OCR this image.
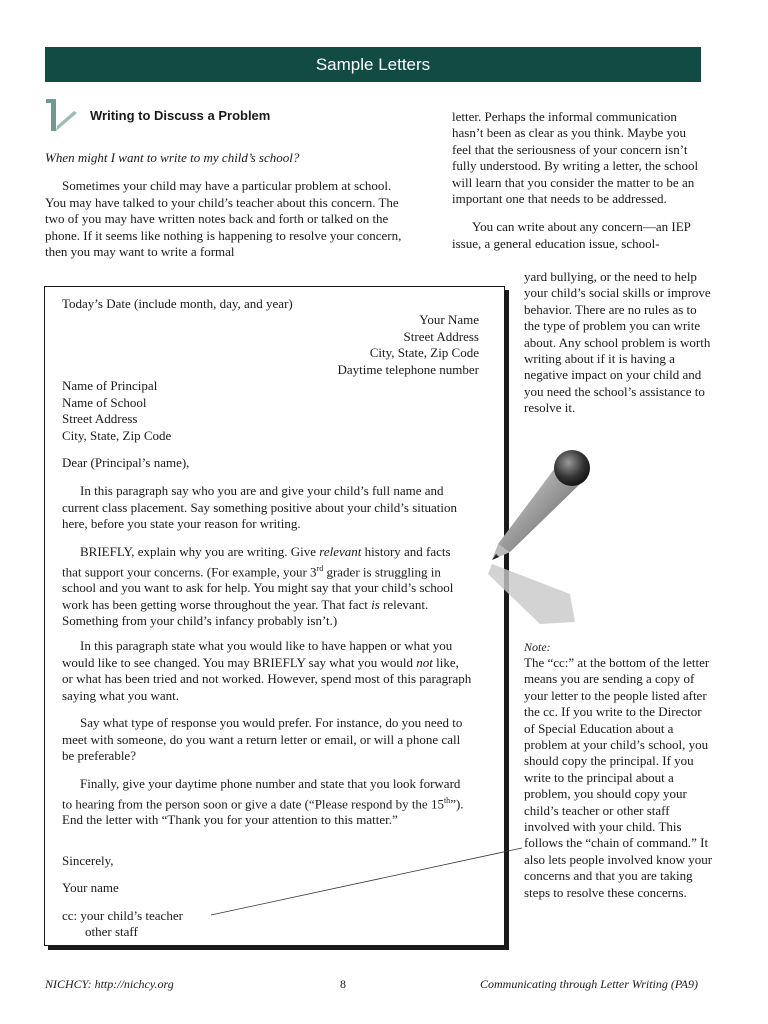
Sample Letters
Writing to Discuss a Problem
When might I want to write to my child’s school?

Sometimes your child may have a particular problem at school. You may have talked to your child’s teacher about this concern. The two of you may have written notes back and forth or talked on the phone. If it seems like nothing is happening to resolve your concern, then you may want to write a formal

letter. Perhaps the informal communication hasn’t been as clear as you think. Maybe you feel that the seriousness of your concern isn’t fully understood. By writing a letter, the school will learn that you consider the matter to be an important one that needs to be addressed.

You can write about any concern—an IEP issue, a general education issue, school-

yard bullying, or the need to help your child’s social skills or improve behavior. There are no rules as to the type of problem you can write about. Any school problem is worth writing about if it is having a negative impact on your child and you need the school’s assistance to resolve it.

Today’s Date (include month, day, and year)

Your Name

Street Address

City, State, Zip Code

Daytime telephone number

Name of Principal

Name of School

Street Address

City, State, Zip Code

Dear (Principal’s name),

In this paragraph say who you are and give your child’s full name and current class placement. Say something positive about your child’s situation here, before you state your reason for writing.

BRIEFLY, explain why you are writing. Give relevant history and facts that support your concerns. (For example, your 3rd grader is struggling in school and you want to ask for help. You might say that your child’s school work has been getting worse throughout the year. That fact is relevant. Something from your child’s infancy probably isn’t.)

In this paragraph state what you would like to have happen or what you would like to see changed. You may BRIEFLY say what you would not like, or what has been tried and not worked. However, spend most of this paragraph saying what you want.

Say what type of response you would prefer. For instance, do you need to meet with someone, do you want a return letter or email, or will a phone call be preferable?

Finally, give your daytime phone number and state that you look forward to hearing from the person soon or give a date (“Please respond by the 15th”). End the letter with “Thank you for your attention to this matter.”

Sincerely,
Your name
cc: your child’s teacher
other staff
Note:

The “cc:” at the bottom of the letter means you are sending a copy of your letter to the people listed after the cc. If you write to the Director of Special Education about a problem at your child’s school, you should copy the principal. If you write to the principal about a problem, you should copy your child’s teacher or other staff involved with your child. This follows the “chain of command.” It also lets people involved know your concerns and that you are taking steps to resolve these concerns.

NICHCY: http://nichcy.org	8	Communicating through Letter Writing (PA9)
